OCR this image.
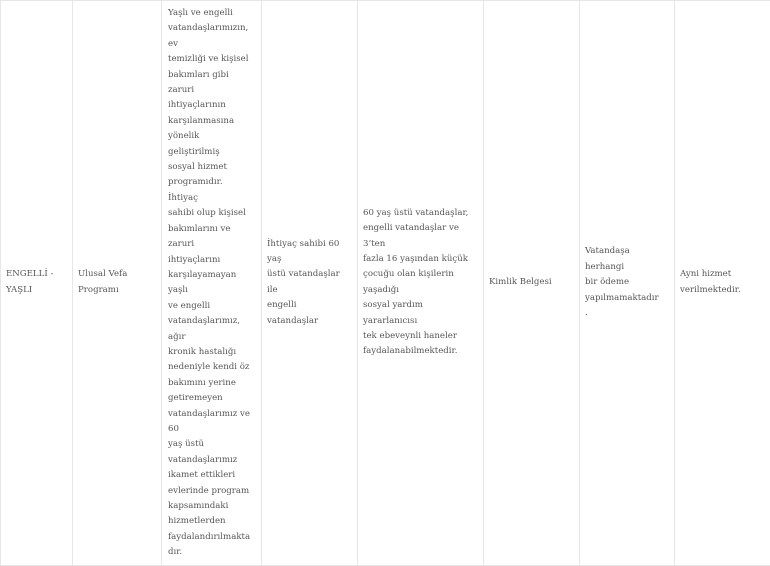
ENGELLİ -
YAŞLI

Ulusal Vefa
Programı

Yaşlı ve engelli
vatandaşlarımızın, ev
temizliği ve kişisel
bakımları gibi zaruri
ihtiyaçlarının
karşılanmasına
yönelik geliştirilmiş
sosyal hizmet
programıdır. İhtiyaç
sahibi olup kişisel
bakımlarını ve zaruri
ihtiyaçlarını
karşılayamayan yaşlı
ve engelli
vatandaşlarımız, ağır
kronik hastalığı
nedeniyle kendi öz
bakımını yerine
getiremeyen
vatandaşlarımız ve 60
yaş üstü
vatandaşlarımız
ikamet ettikleri
evlerinde program
kapsamındaki
hizmetlerden
faydalandırılmaktadır.

İhtiyaç sahibi 60 yaş
üstü vatandaşlar ile
engelli vatandaşlar

60 yaş üstü vatandaşlar,
engelli vatandaşlar ve 3’ten
fazla 16 yaşından küçük
çocuğu olan kişilerin yaşadığı
sosyal yardım yararlanıcısı
tek ebeveynli haneler
faydalanabilmektedir.

Kimlik Belgesi

Vatandaşa herhangi
bir ödeme
yapılmamaktadır.

Ayni hizmet
verilmektedir.
